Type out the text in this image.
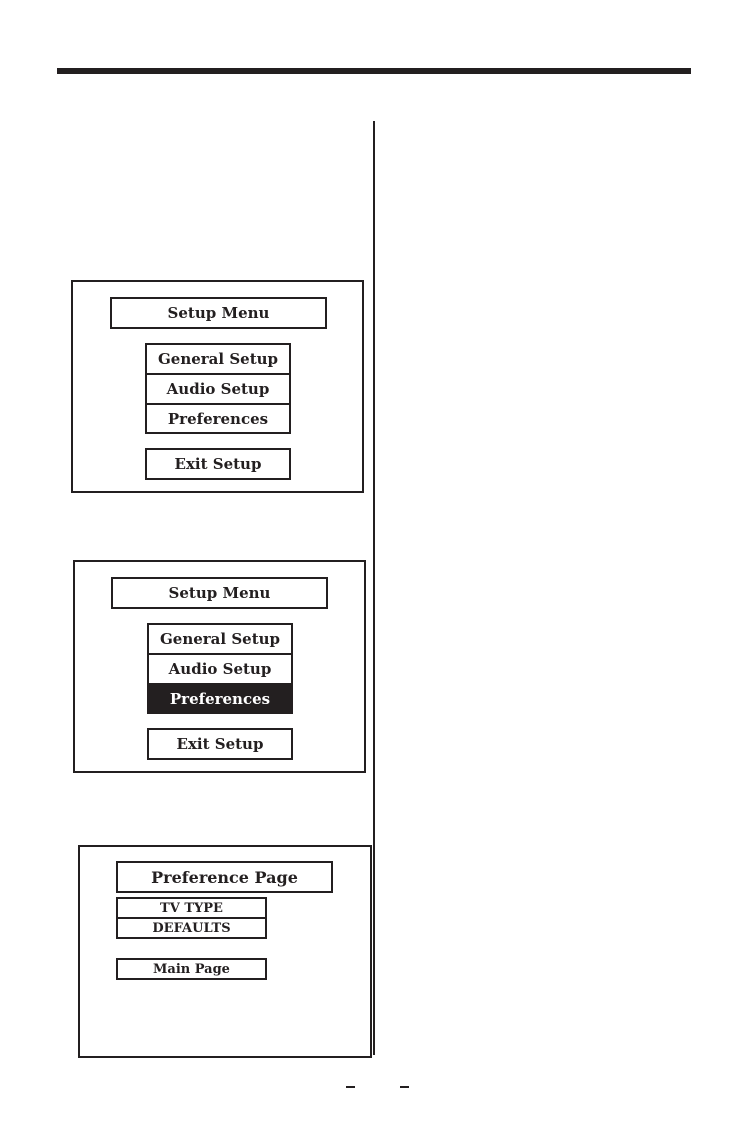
Setup Menu
General Setup
Audio Setup
Preferences
Exit Setup
Setup Menu
General Setup
Audio Setup
Preferences
Exit Setup
Preference Page
TV TYPE
DEFAULTS
Main Page
